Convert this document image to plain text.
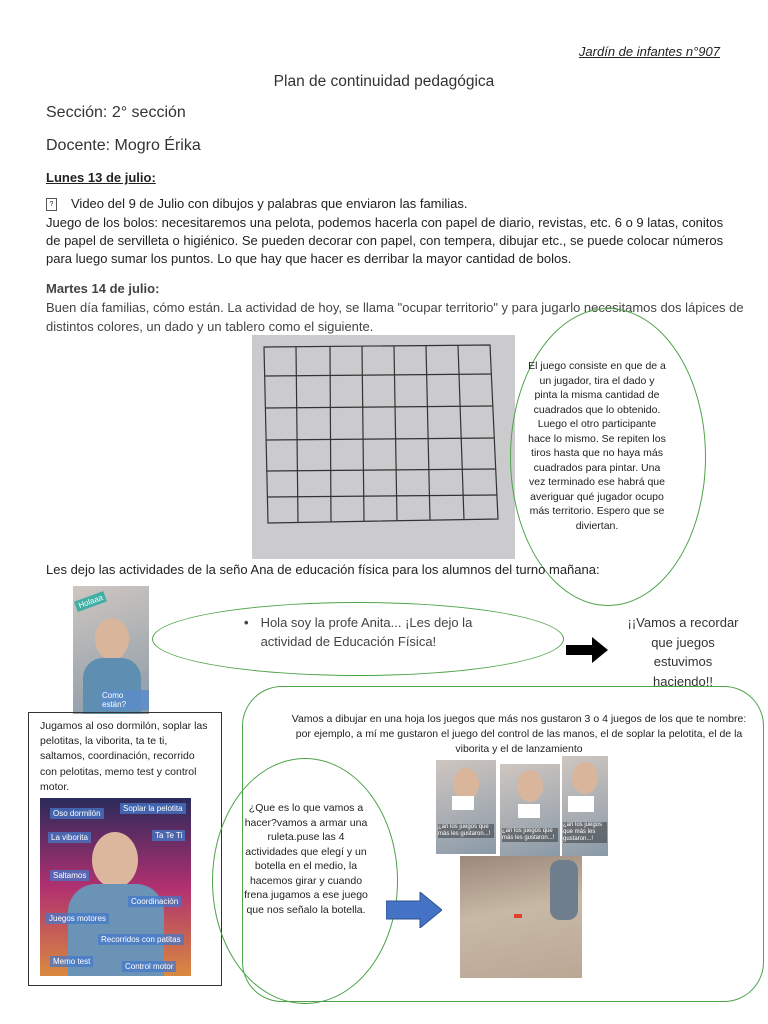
Jardín de infantes n°907
Plan de continuidad pedagógica
Sección: 2° sección
Docente: Mogro Érika
Lunes 13 de julio:
? Video del 9 de Julio con dibujos y palabras que enviaron las familias.
Juego de los bolos: necesitaremos una pelota, podemos hacerla con papel de diario, revistas, etc. 6 o 9 latas, conitos de papel de servilleta o higiénico. Se pueden decorar con papel, con tempera, dibujar etc., se puede colocar números para luego sumar los puntos. Lo que hay que hacer es derribar la mayor cantidad de bolos.
Martes 14 de julio:
Buen día familias, cómo están. La actividad de hoy, se llama "ocupar territorio" y para jugarlo necesitamos dos lápices de distintos colores, un dado y un tablero como el siguiente.
El juego consiste en que de a un jugador, tira el dado y pinta la misma cantidad de cuadrados que lo obtenido. Luego el otro participante hace lo mismo. Se repiten los tiros hasta que no haya más cuadrados para pintar. Una vez terminado ese habrá que averiguar qué jugador ocupo más territorio. Espero que se diviertan.
Les dejo las actividades de la seño Ana de educación física para los alumnos del turno mañana:
Holaaa
Como están?
• Hola soy la profe Anita... ¡Les dejo la actividad de Educación Física!
¡¡Vamos a recordar que juegos estuvimos haciendo!!
Jugamos al oso dormilón, soplar las pelotitas, la viborita, ta te ti, saltamos, coordinación, recorrido con pelotitas, memo test y control motor.
Oso dormilón
Soplar la pelotita
La viborita	Ta Te Ti
Saltamos
Coordinación
Juegos motores
Recorridos con patitas
Memo test
Control motor
Vamos a dibujar en una hoja los juegos que más nos gustaron 3 o 4 juegos de los que te nombre: por ejemplo, a mí me gustaron el juego del control de las manos, el de soplar la pelotita, el de la viborita y el de lanzamiento
¿an los juegos que más les gustaron...!	¿an los juegos que más les gustaron...!
¿an los juegos que más les gustaron...!
¿Que es lo que vamos a hacer?vamos a armar una ruleta.puse las 4 actividades que elegí y un botella en el medio, la hacemos girar y cuando frena jugamos a ese juego que nos señalo la botella.
